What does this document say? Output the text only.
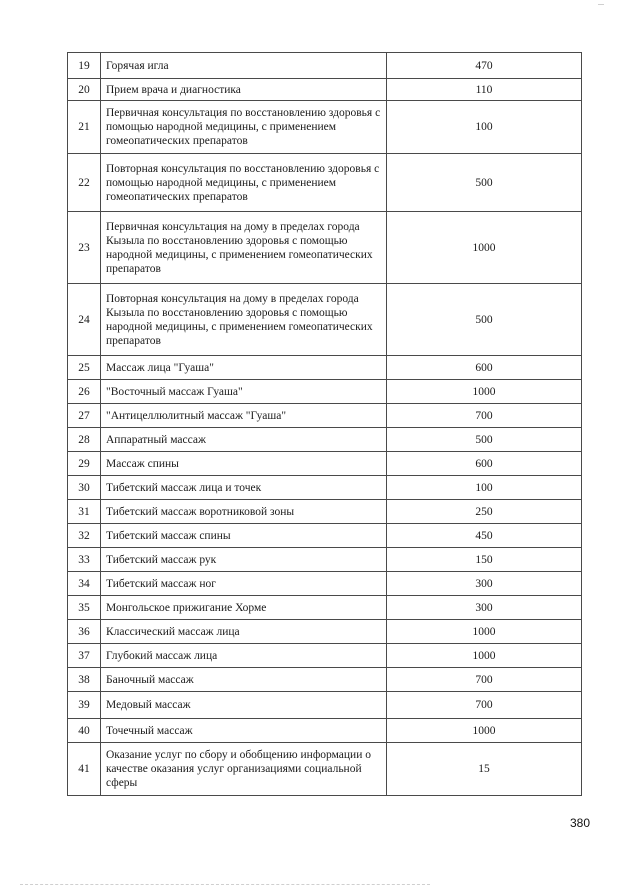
19	Горячая игла	470
20	Прием врача и диагностика	110
21	Первичная консультация по восстановлению здоровья с помощью народной медицины, с применением гомеопатических препаратов	100
22	Повторная консультация по восстановлению здоровья с помощью народной медицины, с применением гомеопатических препаратов	500
23	Первичная консультация на дому в пределах города Кызыла по восстановлению здоровья с помощью народной медицины, с применением гомеопатических препаратов	1000
24	Повторная консультация на дому в пределах города Кызыла по восстановлению здоровья с помощью народной медицины, с применением гомеопатических препаратов	500
25	Массаж лица "Гуаша"	600
26	"Восточный массаж Гуаша"	1000
27	"Антицеллюлитный массаж "Гуаша"	700
28	Аппаратный массаж	500
29	Массаж спины	600
30	Тибетский массаж лица и точек	100
31	Тибетский массаж воротниковой зоны	250
32	Тибетский массаж спины	450
33	Тибетский массаж рук	150
34	Тибетский массаж ног	300
35	Монгольское прижигание Хорме	300
36	Классический массаж лица	1000
37	Глубокий массаж лица	1000
38	Баночный массаж	700
39	Медовый массаж	700
40	Точечный массаж	1000
41	Оказание услуг по сбору и обобщению информации о качестве оказания услуг организациями социальной сферы	15
380
